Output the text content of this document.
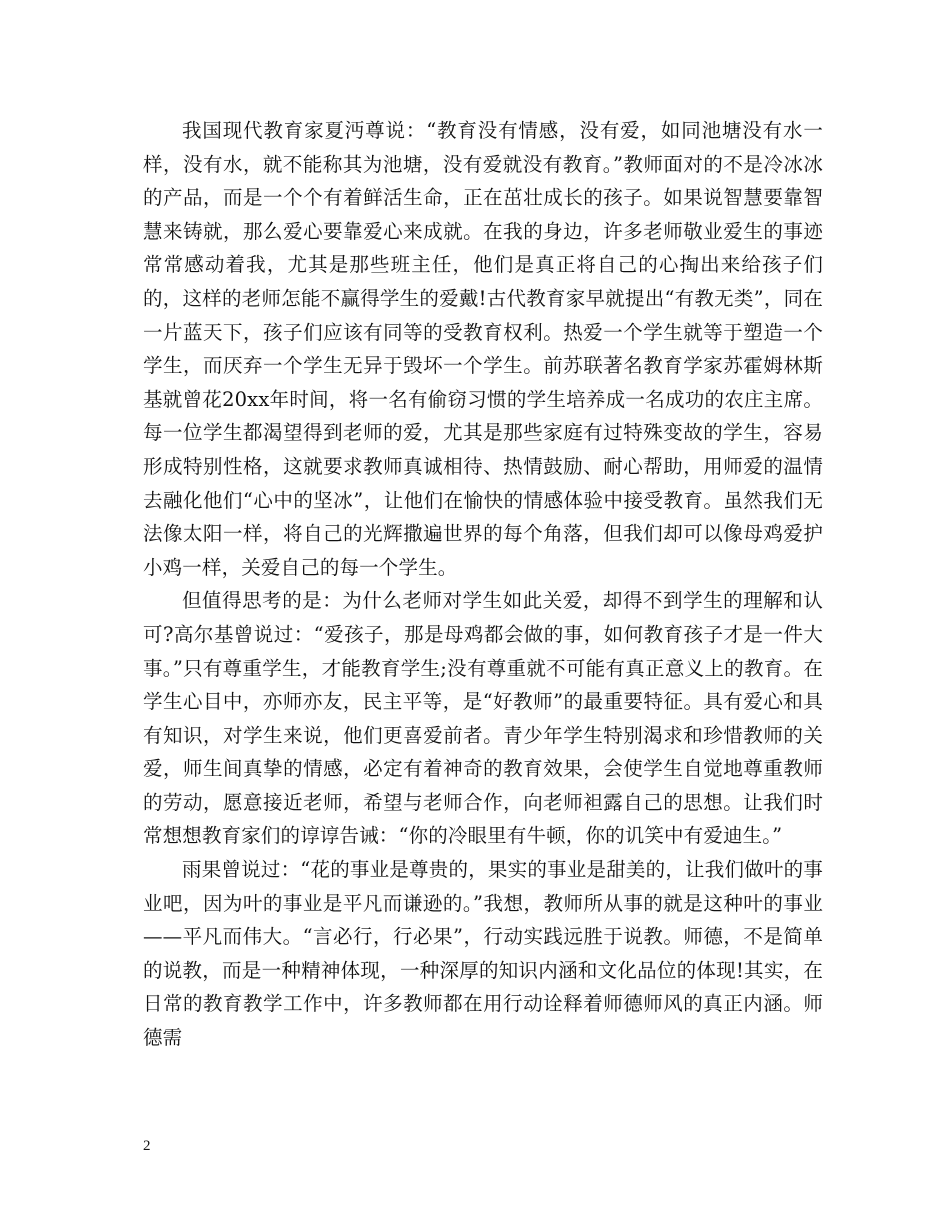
我国现代教育家夏沔尊说：“教育没有情感，没有爱，如同池塘没有水一样，没有水，就不能称其为池塘，没有爱就没有教育。”教师面对的不是冷冰冰的产品，而是一个个有着鲜活生命，正在茁壮成长的孩子。如果说智慧要靠智慧来铸就，那么爱心要靠爱心来成就。在我的身边，许多老师敬业爱生的事迹常常感动着我，尤其是那些班主任，他们是真正将自己的心掏出来给孩子们的，这样的老师怎能不赢得学生的爱戴!古代教育家早就提出“有教无类”，同在一片蓝天下，孩子们应该有同等的受教育权利。热爱一个学生就等于塑造一个学生，而厌弃一个学生无异于毁坏一个学生。前苏联著名教育学家苏霍姆林斯基就曾花20xx年时间，将一名有偷窃习惯的学生培养成一名成功的农庄主席。每一位学生都渴望得到老师的爱，尤其是那些家庭有过特殊变故的学生，容易形成特别性格，这就要求教师真诚相待、热情鼓励、耐心帮助，用师爱的温情去融化他们“心中的坚冰”，让他们在愉快的情感体验中接受教育。虽然我们无法像太阳一样，将自己的光辉撒遍世界的每个角落，但我们却可以像母鸡爱护小鸡一样，关爱自己的每一个学生。

但值得思考的是：为什么老师对学生如此关爱，却得不到学生的理解和认可?高尔基曾说过：“爱孩子，那是母鸡都会做的事，如何教育孩子才是一件大事。”只有尊重学生，才能教育学生;没有尊重就不可能有真正意义上的教育。在学生心目中，亦师亦友，民主平等，是“好教师”的最重要特征。具有爱心和具有知识，对学生来说，他们更喜爱前者。青少年学生特别渴求和珍惜教师的关爱，师生间真挚的情感，必定有着神奇的教育效果，会使学生自觉地尊重教师的劳动，愿意接近老师，希望与老师合作，向老师袒露自己的思想。让我们时常想想教育家们的谆谆告诫：“你的冷眼里有牛顿，你的讥笑中有爱迪生。”

雨果曾说过：“花的事业是尊贵的，果实的事业是甜美的，让我们做叶的事业吧，因为叶的事业是平凡而谦逊的。”我想，教师所从事的就是这种叶的事业——平凡而伟大。“言必行，行必果”，行动实践远胜于说教。师德，不是简单的说教，而是一种精神体现，一种深厚的知识内涵和文化品位的体现!其实，在日常的教育教学工作中，许多教师都在用行动诠释着师德师风的真正内涵。师德需

2
